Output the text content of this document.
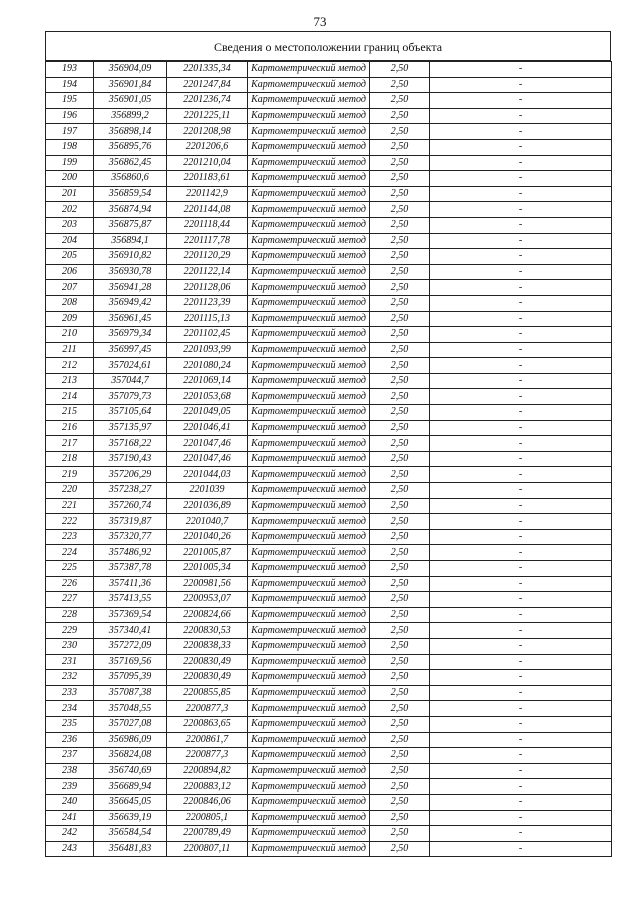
73
Сведения о местоположении границ объекта
193	356904,09	2201335,34	Картометрический метод	2,50	-
194	356901,84	2201247,84	Картометрический метод	2,50	-
195	356901,05	2201236,74	Картометрический метод	2,50	-
196	356899,2	2201225,11	Картометрический метод	2,50	-
197	356898,14	2201208,98	Картометрический метод	2,50	-
198	356895,76	2201206,6	Картометрический метод	2,50	-
199	356862,45	2201210,04	Картометрический метод	2,50	-
200	356860,6	2201183,61	Картометрический метод	2,50	-
201	356859,54	2201142,9	Картометрический метод	2,50	-
202	356874,94	2201144,08	Картометрический метод	2,50	-
203	356875,87	2201118,44	Картометрический метод	2,50	-
204	356894,1	2201117,78	Картометрический метод	2,50	-
205	356910,82	2201120,29	Картометрический метод	2,50	-
206	356930,78	2201122,14	Картометрический метод	2,50	-
207	356941,28	2201128,06	Картометрический метод	2,50	-
208	356949,42	2201123,39	Картометрический метод	2,50	-
209	356961,45	2201115,13	Картометрический метод	2,50	-
210	356979,34	2201102,45	Картометрический метод	2,50	-
211	356997,45	2201093,99	Картометрический метод	2,50	-
212	357024,61	2201080,24	Картометрический метод	2,50	-
213	357044,7	2201069,14	Картометрический метод	2,50	-
214	357079,73	2201053,68	Картометрический метод	2,50	-
215	357105,64	2201049,05	Картометрический метод	2,50	-
216	357135,97	2201046,41	Картометрический метод	2,50	-
217	357168,22	2201047,46	Картометрический метод	2,50	-
218	357190,43	2201047,46	Картометрический метод	2,50	-
219	357206,29	2201044,03	Картометрический метод	2,50	-
220	357238,27	2201039	Картометрический метод	2,50	-
221	357260,74	2201036,89	Картометрический метод	2,50	-
222	357319,87	2201040,7	Картометрический метод	2,50	-
223	357320,77	2201040,26	Картометрический метод	2,50	-
224	357486,92	2201005,87	Картометрический метод	2,50	-
225	357387,78	2201005,34	Картометрический метод	2,50	-
226	357411,36	2200981,56	Картометрический метод	2,50	-
227	357413,55	2200953,07	Картометрический метод	2,50	-
228	357369,54	2200824,66	Картометрический метод	2,50	-
229	357340,41	2200830,53	Картометрический метод	2,50	-
230	357272,09	2200838,33	Картометрический метод	2,50	-
231	357169,56	2200830,49	Картометрический метод	2,50	-
232	357095,39	2200830,49	Картометрический метод	2,50	-
233	357087,38	2200855,85	Картометрический метод	2,50	-
234	357048,55	2200877,3	Картометрический метод	2,50	-
235	357027,08	2200863,65	Картометрический метод	2,50	-
236	356986,09	2200861,7	Картометрический метод	2,50	-
237	356824,08	2200877,3	Картометрический метод	2,50	-
238	356740,69	2200894,82	Картометрический метод	2,50	-
239	356689,94	2200883,12	Картометрический метод	2,50	-
240	356645,05	2200846,06	Картометрический метод	2,50	-
241	356639,19	2200805,1	Картометрический метод	2,50	-
242	356584,54	2200789,49	Картометрический метод	2,50	-
243	356481,83	2200807,11	Картометрический метод	2,50	-
